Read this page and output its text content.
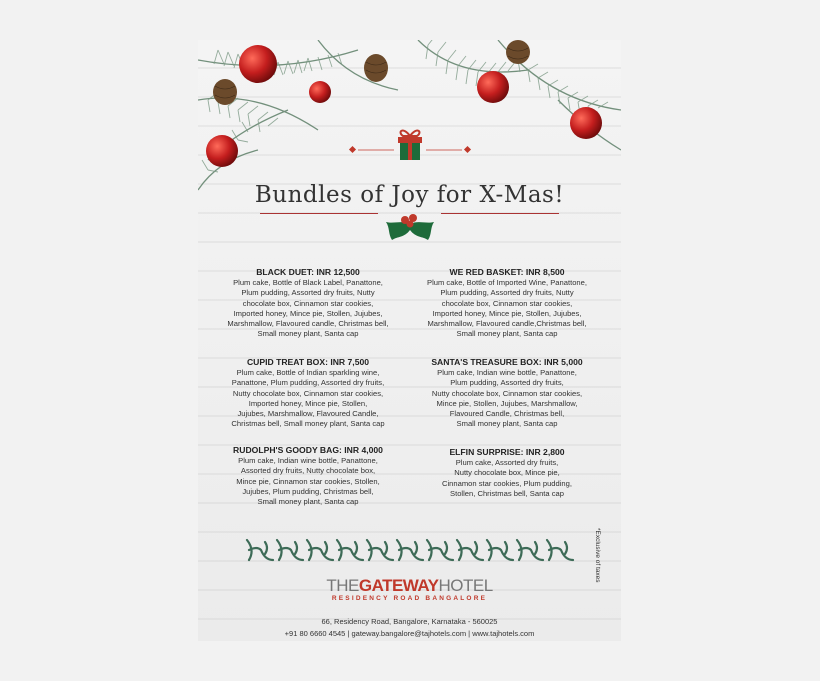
Bundles of Joy for X-Mas!
BLACK DUET: INR 12,500
Plum cake, Bottle of Black Label, Panattone,
Plum pudding, Assorted dry fruits, Nutty
chocolate box, Cinnamon star cookies,
Imported honey, Mince pie, Stollen, Jujubes,
Marshmallow, Flavoured candle, Christmas bell,
Small money plant, Santa cap
WE RED BASKET: INR 8,500
Plum cake, Bottle of Imported Wine, Panattone,
Plum pudding, Assorted dry fruits, Nutty
chocolate box, Cinnamon star cookies,
Imported honey, Mince pie, Stollen, Jujubes,
Marshmallow, Flavoured candle,Christmas bell,
Small money plant, Santa cap
CUPID TREAT BOX: INR 7,500
Plum cake, Bottle of Indian sparkling wine,
Panattone, Plum pudding, Assorted dry fruits,
Nutty chocolate box, Cinnamon star cookies,
Imported honey, Mince pie, Stollen,
Jujubes, Marshmallow, Flavoured Candle,
Christmas bell, Small money plant, Santa cap
SANTA'S TREASURE BOX: INR 5,000
Plum cake, Indian wine bottle, Panattone,
Plum pudding, Assorted dry fruits,
Nutty chocolate box, Cinnamon star cookies,
Mince pie, Stollen, Jujubes, Marshmallow,
Flavoured Candle, Christmas bell,
Small money plant, Santa cap
RUDOLPH'S GOODY BAG: INR 4,000
Plum cake, Indian wine bottle, Panattone,
Assorted dry fruits, Nutty chocolate box,
Mince pie, Cinnamon star cookies, Stollen,
Jujubes, Plum pudding, Christmas bell,
Small money plant, Santa cap
ELFIN SURPRISE: INR 2,800
Plum cake, Assorted dry fruits,
Nutty chocolate box, Mince pie,
Cinnamon star cookies, Plum pudding,
Stollen, Christmas bell, Santa cap
*Exclusive of taxes
THEGATEWAYHOTEL
RESIDENCY ROAD BANGALORE
66, Residency Road, Bangalore, Karnataka - 560025
+91 80 6660 4545 | gateway.bangalore@tajhotels.com | www.tajhotels.com
